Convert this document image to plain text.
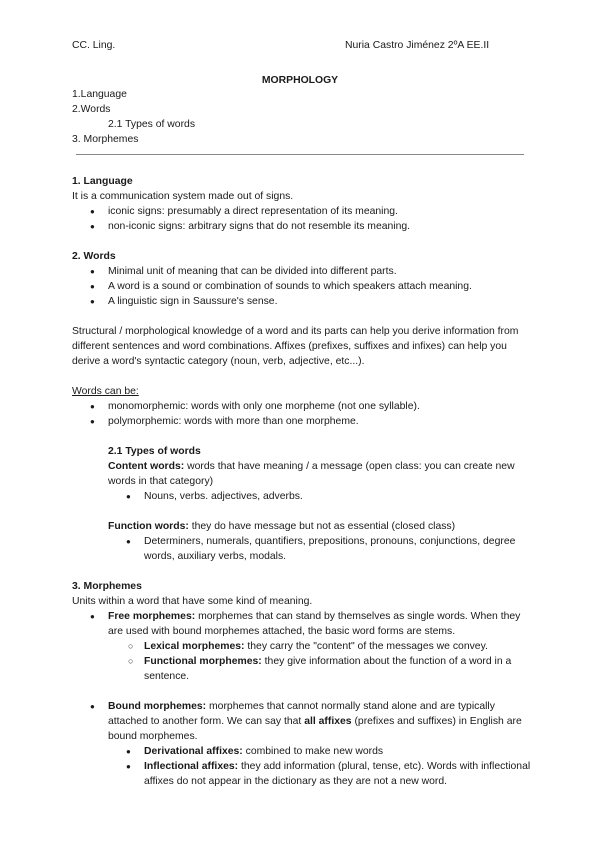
CC. Ling.	Nuria Castro Jiménez 2ºA EE.II
MORPHOLOGY
1.Language
2.Words
2.1 Types of words
3. Morphemes
1. Language
It is a communication system made out of signs.
● iconic signs: presumably a direct representation of its meaning.
● non-iconic signs: arbitrary signs that do not resemble its meaning.
2. Words
● Minimal unit of meaning that can be divided into different parts.
● A word is a sound or combination of sounds to which speakers attach meaning.
● A linguistic sign in Saussure's sense.
Structural / morphological knowledge of a word and its parts can help you derive information from different sentences and word combinations. Affixes (prefixes, suffixes and infixes) can help you derive a word's syntactic category (noun, verb, adjective, etc...).
Words can be:
● monomorphemic: words with only one morpheme (not one syllable).
● polymorphemic: words with more than one morpheme.
2.1 Types of words
Content words: words that have meaning / a message (open class: you can create new words in that category)
● Nouns, verbs. adjectives, adverbs.
Function words: they do have message but not as essential (closed class)
● Determiners, numerals, quantifiers, prepositions, pronouns, conjunctions, degree words, auxiliary verbs, modals.
3. Morphemes
Units within a word that have some kind of meaning.
● Free morphemes: morphemes that can stand by themselves as single words. When they are used with bound morphemes attached, the basic word forms are stems.
○ Lexical morphemes: they carry the "content" of the messages we convey.
○ Functional morphemes: they give information about the function of a word in a sentence.
● Bound morphemes: morphemes that cannot normally stand alone and are typically attached to another form. We can say that all affixes (prefixes and suffixes) in English are bound morphemes.
● Derivational affixes: combined to make new words
● Inflectional affixes: they add information (plural, tense, etc). Words with inflectional affixes do not appear in the dictionary as they are not a new word.
